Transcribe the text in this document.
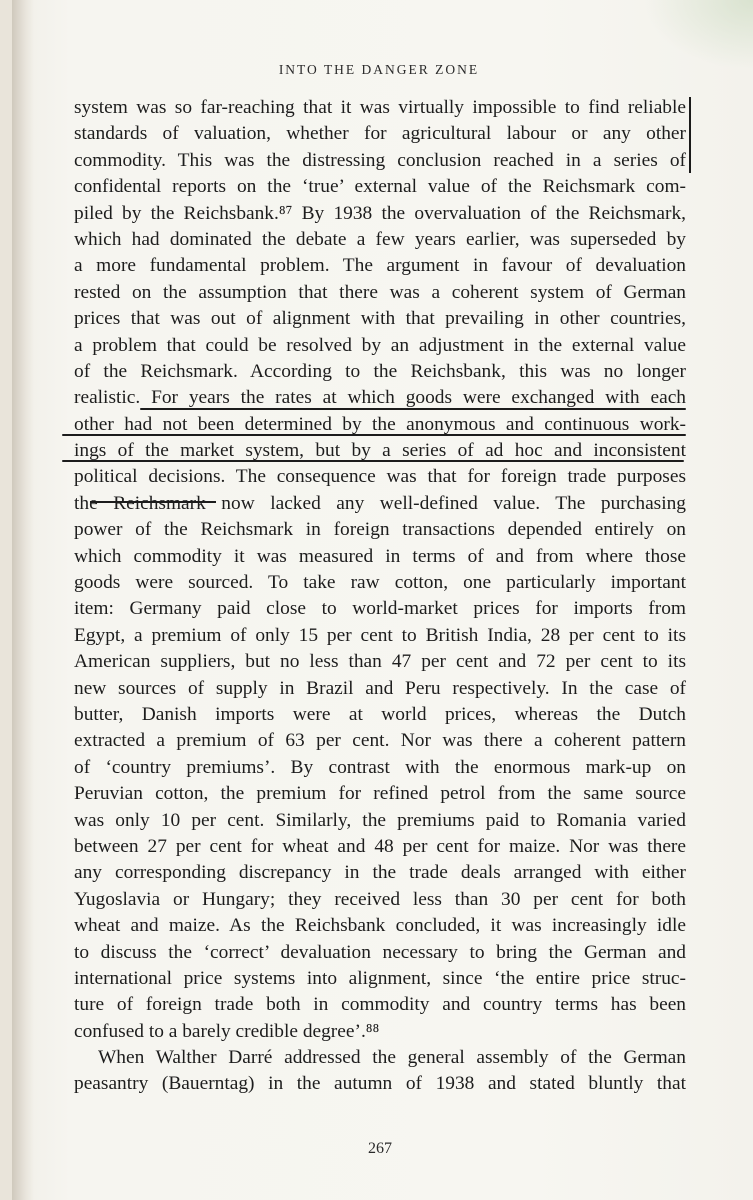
INTO THE DANGER ZONE
system was so far-reaching that it was virtually impossible to find reliable
standards of valuation, whether for agricultural labour or any other
commodity. This was the distressing conclusion reached in a series of
confidental reports on the ‘true’ external value of the Reichsmark com-
piled by the Reichsbank.⁸⁷ By 1938 the overvaluation of the Reichsmark,
which had dominated the debate a few years earlier, was superseded by
a more fundamental problem. The argument in favour of devaluation
rested on the assumption that there was a coherent system of German
prices that was out of alignment with that prevailing in other countries,
a problem that could be resolved by an adjustment in the external value
of the Reichsmark. According to the Reichsbank, this was no longer
realistic. For years the rates at which goods were exchanged with each
other had not been determined by the anonymous and continuous work-
ings of the market system, but by a series of ad hoc and inconsistent
political decisions. The consequence was that for foreign trade purposes
the Reichsmark now lacked any well-defined value. The purchasing
power of the Reichsmark in foreign transactions depended entirely on
which commodity it was measured in terms of and from where those
goods were sourced. To take raw cotton, one particularly important
item: Germany paid close to world-market prices for imports from
Egypt, a premium of only 15 per cent to British India, 28 per cent to its
American suppliers, but no less than 47 per cent and 72 per cent to its
new sources of supply in Brazil and Peru respectively. In the case of
butter, Danish imports were at world prices, whereas the Dutch
extracted a premium of 63 per cent. Nor was there a coherent pattern
of ‘country premiums’. By contrast with the enormous mark-up on
Peruvian cotton, the premium for refined petrol from the same source
was only 10 per cent. Similarly, the premiums paid to Romania varied
between 27 per cent for wheat and 48 per cent for maize. Nor was there
any corresponding discrepancy in the trade deals arranged with either
Yugoslavia or Hungary; they received less than 30 per cent for both
wheat and maize. As the Reichsbank concluded, it was increasingly idle
to discuss the ‘correct’ devaluation necessary to bring the German and
international price systems into alignment, since ‘the entire price struc-
ture of foreign trade both in commodity and country terms has been
confused to a barely credible degree’.⁸⁸
When Walther Darré addressed the general assembly of the German
peasantry (Bauerntag) in the autumn of 1938 and stated bluntly that
267
